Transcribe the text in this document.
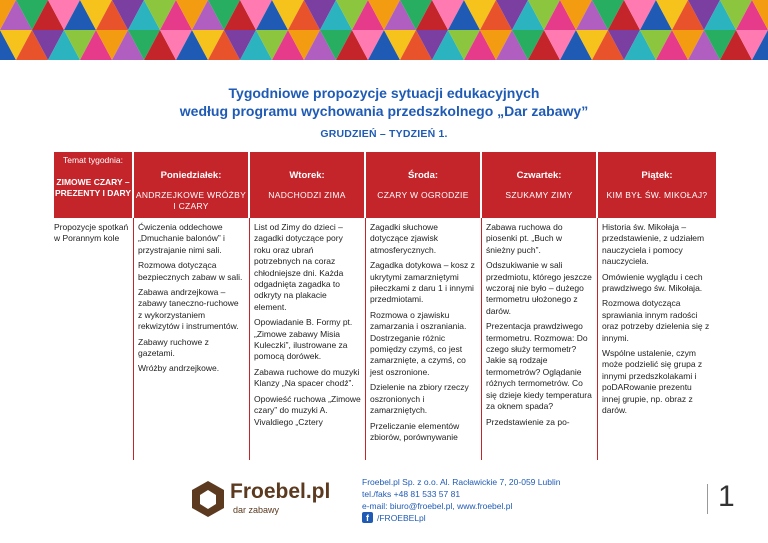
Tygodniowe propozycje sytuacji edukacyjnych
według programu wychowania przedszkolnego „Dar zabawy”
GRUDZIEŃ – TYDZIEŃ 1.
Temat tygodnia:
ZIMOWE CZARY – PREZENTY I DARY
Poniedziałek:
ANDRZEJKOWE WRÓŻBY I CZARY
Wtorek:
NADCHODZI ZIMA
Środa:
CZARY W OGRODZIE
Czwartek:
SZUKAMY ZIMY
Piątek:
KIM BYŁ ŚW. MIKOŁAJ?
Propozycje spotkań w Porannym kole

Ćwiczenia oddechowe „Dmuchanie balonów” i przystrajanie nimi sali.

Rozmowa dotycząca bezpiecznych zabaw w sali.

Zabawa andrzejkowa – zabawy taneczno-ruchowe z wykorzystaniem rekwizytów i instrumentów.

Zabawy ruchowe z gazetami.

Wróżby andrzejkowe.

List od Zimy do dzieci – zagadki dotyczące pory roku oraz ubrań potrzebnych na coraz chłodniejsze dni. Każda odgadnięta zagadka to odkryty na plakacie element.

Opowiadanie B. Formy pt. „Zimowe zabawy Misia Kuleczki”, ilustrowane za pomocą dorówek.

Zabawa ruchowe do muzyki Klanzy „Na spacer chodź”.

Opowieść ruchowa „Zimowe czary” do muzyki A. Vivaldiego „Cztery

Zagadki słuchowe dotyczące zjawisk atmosferycznych.

Zagadka dotykowa – kosz z ukrytymi zamarzniętymi piłeczkami z daru 1 i innymi przedmiotami.

Rozmowa o zjawisku zamarzania i oszraniania. Dostrzeganie różnic pomiędzy czymś, co jest zamarznięte, a czymś, co jest oszronione.

Dzielenie na zbiory rzeczy oszronionych i zamarzniętych.

Przeliczanie elementów zbiorów, porównywanie

Zabawa ruchowa do piosenki pt. „Buch w śnieżny puch”.

Odszukiwanie w sali przedmiotu, którego jeszcze wczoraj nie było – dużego termometru ułożonego z darów.

Prezentacja prawdziwego termometru. Rozmowa: Do czego służy termometr? Jakie są rodzaje termometrów? Oglądanie różnych termometrów. Co się dzieje kiedy temperatura za oknem spada?

Przedstawienie za po-

Historia św. Mikołaja – przedstawienie, z udziałem nauczyciela i pomocy nauczyciela.

Omówienie wyglądu i cech prawdziwego św. Mikołaja.

Rozmowa dotycząca sprawiania innym radości oraz potrzeby dzielenia się z innymi.

Wspólne ustalenie, czym może podzielić się grupa z innymi przedszkolakami i poDARowanie prezentu innej grupie, np. obraz z darów.

Froebel.pl
dar zabawy
Froebel.pl Sp. z o.o. Al. Racławickie 7, 20-059 Lublin
tel./faks +48 81 533 57 81
e-mail: biuro@froebel.pl, www.froebel.pl
f /FROEBELpl
1
